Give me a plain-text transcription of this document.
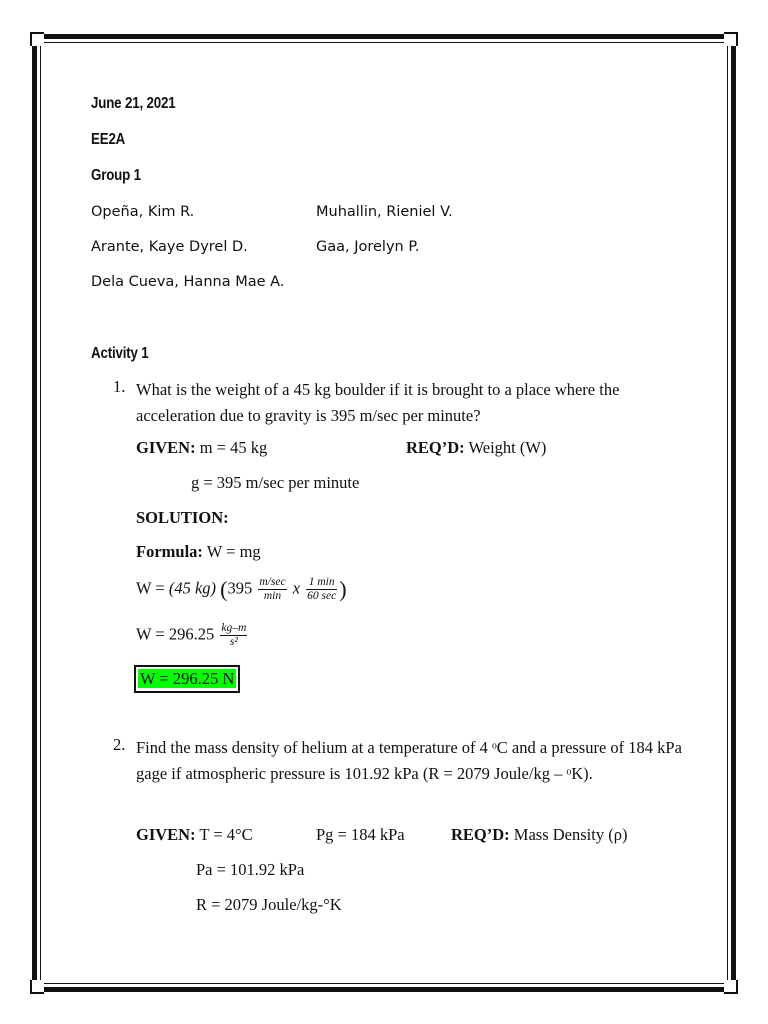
June 21, 2021
EE2A
Group 1
Opeña, Kim R.	Muhallin, Rieniel V.
Arante, Kaye Dyrel D.	Gaa, Jorelyn P.
Dela Cueva, Hanna Mae A.
Activity 1
1. What is the weight of a 45 kg boulder if it is brought to a place where the acceleration due to gravity is 395 m/sec per minute?
GIVEN: m = 45 kg	REQ’D: Weight (W)
g = 395 m/sec per minute
SOLUTION:
Formula: W = mg
W = (45 kg) ($395 \frac{m/\sec}{\min}$ x $\frac{1 \min}{60 \sec}$ )
$W = 296.25 \frac{kg-m}{\text{s²}}$
W = 296.25 N
2. Find the mass density of helium at a temperature of 4 ᵒC and a pressure of 184 kPa gage if atmospheric pressure is 101.92 kPa (R = 2079 Joule/kg – ᵒK).
GIVEN: T = 4°C	Pg = 184 kPa	REQ’D: Mass Density (ρ)
Pa = 101.92 kPa
R = 2079 Joule/kg-°K
